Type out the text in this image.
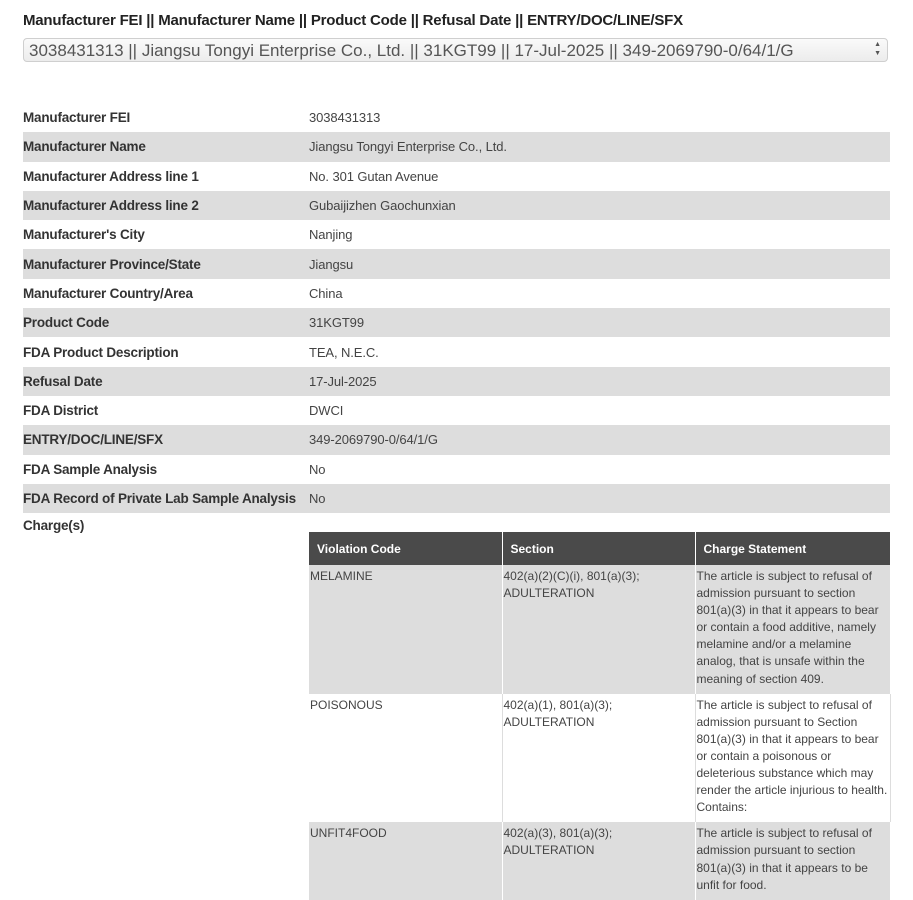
Manufacturer FEI || Manufacturer Name || Product Code || Refusal Date || ENTRY/DOC/LINE/SFX
3038431313 || Jiangsu Tongyi Enterprise Co., Ltd. || 31KGT99 || 17-Jul-2025 || 349-2069790-0/64/1/G	▲
▼
Manufacturer FEI	3038431313
Manufacturer Name	Jiangsu Tongyi Enterprise Co., Ltd.
Manufacturer Address line 1	No. 301 Gutan Avenue
Manufacturer Address line 2	Gubaijizhen Gaochunxian
Manufacturer's City	Nanjing
Manufacturer Province/State	Jiangsu
Manufacturer Country/Area	China
Product Code	31KGT99
FDA Product Description	TEA, N.E.C.
Refusal Date	17-Jul-2025
FDA District	DWCI
ENTRY/DOC/LINE/SFX	349-2069790-0/64/1/G
FDA Sample Analysis	No
FDA Record of Private Lab Sample Analysis	No
Charge(s)
Violation Code	Section	Charge Statement
MELAMINE	402(a)(2)(C)(i), 801(a)(3); ADULTERATION	The article is subject to refusal of admission pursuant to section 801(a)(3) in that it appears to bear or contain a food additive, namely melamine and/or a melamine analog, that is unsafe within the meaning of section 409.
POISONOUS	402(a)(1), 801(a)(3); ADULTERATION	The article is subject to refusal of admission pursuant to Section 801(a)(3) in that it appears to bear or contain a poisonous or deleterious substance which may render the article injurious to health. Contains:
UNFIT4FOOD	402(a)(3), 801(a)(3); ADULTERATION	The article is subject to refusal of admission pursuant to section 801(a)(3) in that it appears to be unfit for food.
